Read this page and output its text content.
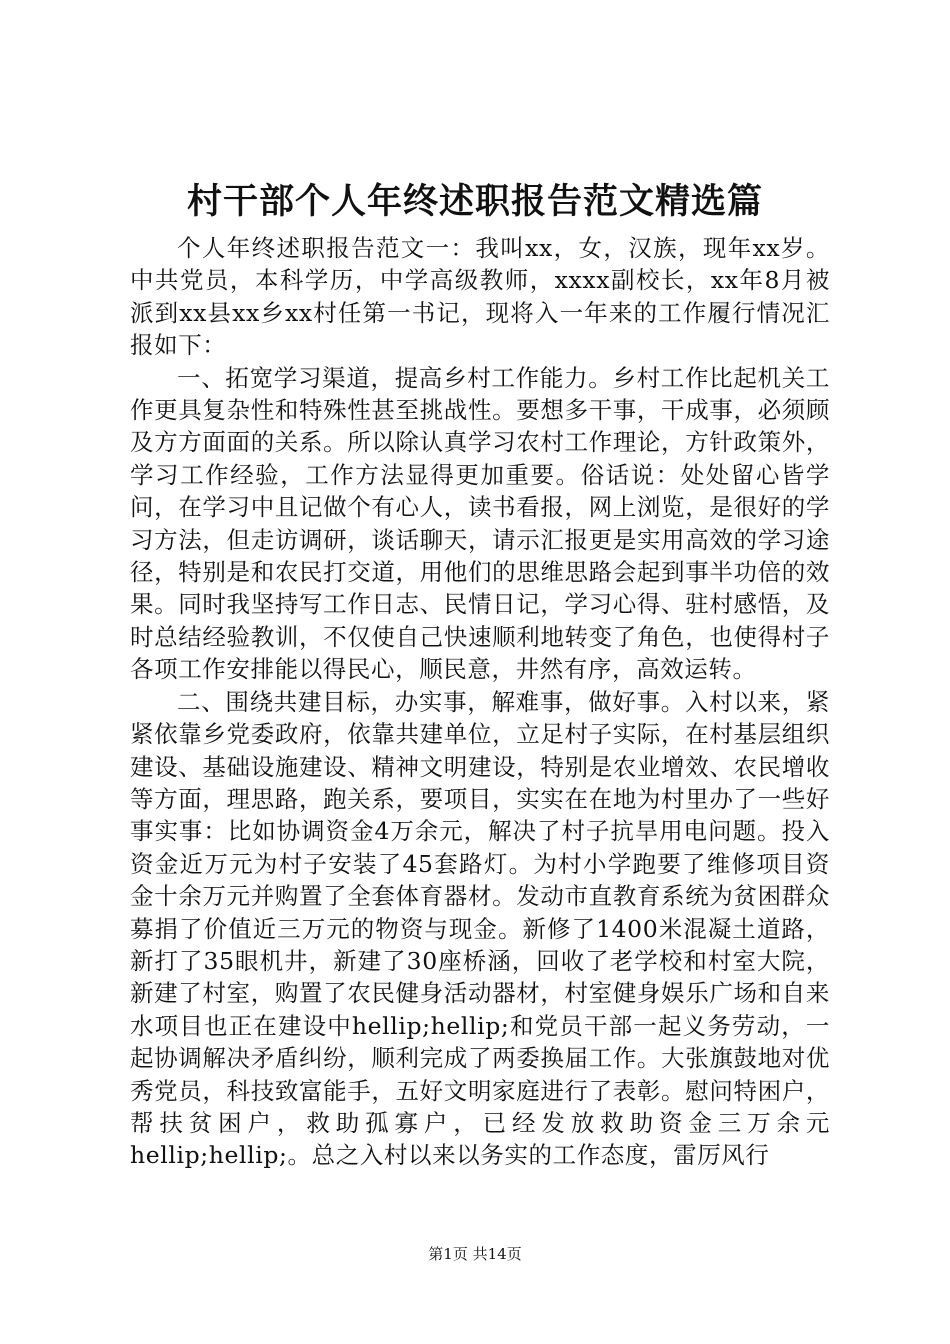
村干部个人年终述职报告范文精选篇

个人年终述职报告范文一：我叫xx，女，汉族，现年xx岁。中共党员，本科学历，中学高级教师，xxxx副校长，xx年8月被派到xx县xx乡xx村任第一书记，现将入一年来的工作履行情况汇报如下：

一、拓宽学习渠道，提高乡村工作能力。乡村工作比起机关工作更具复杂性和特殊性甚至挑战性。要想多干事，干成事，必须顾及方方面面的关系。所以除认真学习农村工作理论，方针政策外，学习工作经验，工作方法显得更加重要。俗话说：处处留心皆学问，在学习中且记做个有心人，读书看报，网上浏览，是很好的学习方法，但走访调研，谈话聊天，请示汇报更是实用高效的学习途径，特别是和农民打交道，用他们的思维思路会起到事半功倍的效果。同时我坚持写工作日志、民情日记，学习心得、驻村感悟，及时总结经验教训，不仅使自己快速顺利地转变了角色，也使得村子各项工作安排能以得民心，顺民意，井然有序，高效运转。

二、围绕共建目标，办实事，解难事，做好事。入村以来，紧紧依靠乡党委政府，依靠共建单位，立足村子实际，在村基层组织建设、基础设施建设、精神文明建设，特别是农业增效、农民增收等方面，理思路，跑关系，要项目，实实在在地为村里办了一些好事实事：比如协调资金4万余元，解决了村子抗旱用电问题。投入资金近万元为村子安装了45套路灯。为村小学跑要了维修项目资金十余万元并购置了全套体育器材。发动市直教育系统为贫困群众募捐了价值近三万元的物资与现金。新修了1400米混凝土道路，新打了35眼机井，新建了30座桥涵，回收了老学校和村室大院，新建了村室，购置了农民健身活动器材，村室健身娱乐广场和自来水项目也正在建设中hellip;hellip;和党员干部一起义务劳动，一起协调解决矛盾纠纷，顺利完成了两委换届工作。大张旗鼓地对优秀党员，科技致富能手，五好文明家庭进行了表彰。慰问特困户，帮扶贫困户，救助孤寡户，已经发放救助资金三万余元hellip;hellip;。总之入村以来以务实的工作态度，雷厉风行

第1页 共14页
